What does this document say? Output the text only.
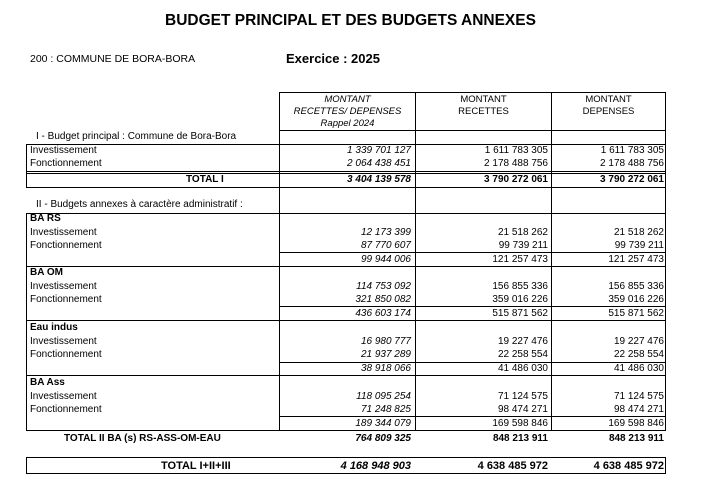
BUDGET PRINCIPAL ET DES BUDGETS ANNEXES
200 : COMMUNE DE BORA-BORA	Exercice : 2025
MONTANT
RECETTES/ DEPENSES
Rappel 2024
MONTANT
RECETTES
MONTANT
DEPENSES
I - Budget principal : Commune de Bora-Bora
Investissement	1 339 701 127	1 611 783 305	1 611 783 305
Fonctionnement	2 064 438 451	2 178 488 756	2 178 488 756
TOTAL I	3 404 139 578	3 790 272 061	3 790 272 061
II - Budgets annexes à caractère administratif :
BA RS
Investissement	12 173 399	21 518 262	21 518 262
Fonctionnement	87 770 607	99 739 211	99 739 211
99 944 006	121 257 473	121 257 473
BA OM
Investissement	114 753 092	156 855 336	156 855 336
Fonctionnement	321 850 082	359 016 226	359 016 226
436 603 174	515 871 562	515 871 562
Eau indus
Investissement	16 980 777	19 227 476	19 227 476
Fonctionnement	21 937 289	22 258 554	22 258 554
38 918 066	41 486 030	41 486 030
BA Ass
Investissement	118 095 254	71 124 575	71 124 575
Fonctionnement	71 248 825	98 474 271	98 474 271
189 344 079	169 598 846	169 598 846
TOTAL II BA (s) RS-ASS-OM-EAU	764 809 325	848 213 911	848 213 911
TOTAL I+II+III	4 168 948 903	4 638 485 972	4 638 485 972
